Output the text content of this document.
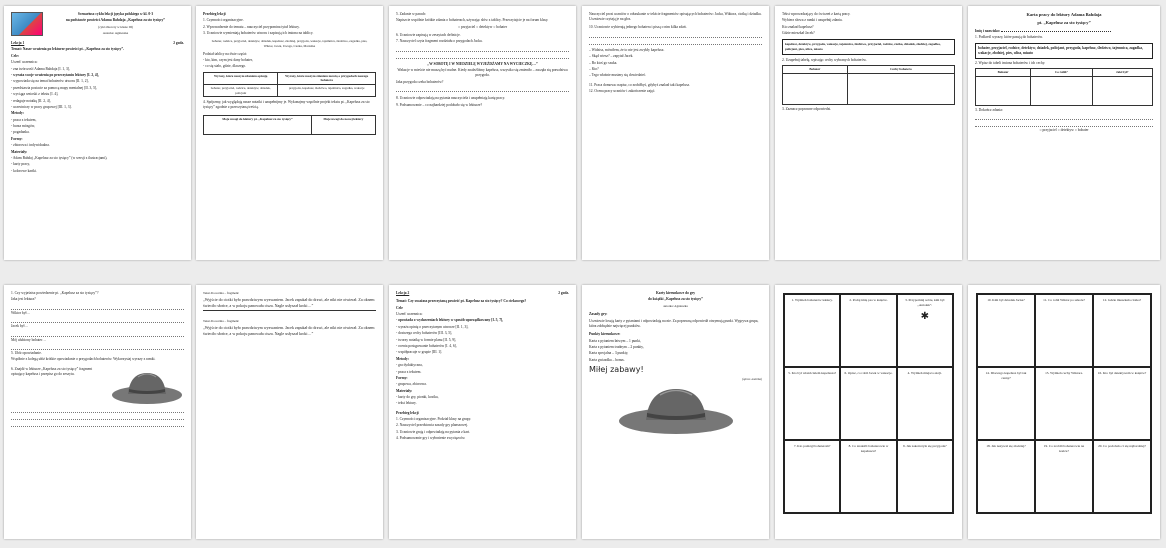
Scenariusz cyklu lekcji języka polskiego w kl. 0-3

na podstawie powieści Adama Bahdaja „Kapelusz za sto tysięcy”

(cykl zbiorczy w klasie III)

Autorka: Agnieszka

Lekcja 1	2 godz.

Temat: Nasze wrażenia po lekturze powieści pt. „Kapelusz za sto tysięcy”.

Cele:

Uczeń/ uczennica:

- zna twórczość Adama Bahdaja [I. 1, 3],

- wyraża swoje wrażenia po przeczytaniu lektury [I. 2, 4],

- wypowiada się na temat bohaterów utworu [II. 1, 2],

- przedstawia postacie za pomocą mapy mentalnej [II. 3, 5],

- wyciąga wnioski z tekstu [I. 4],

- redaguje notatkę [II. 2, 4],

- uczestniczy w pracy grupowej [III. 1, 3].

Metody:

- praca z tekstem,

- burza mózgów,

- pogadanka.

Formy:

- zbiorowa i indywidualna.

Materiały:

- Adam Bahdaj „Kapelusz za sto tysięcy” (w wersji z ilustracjami),

- karty pracy,

- kolorowe kartki.

Przebieg lekcji

1. Czynności organizacyjne.

2. Wprowadzenie do tematu – nauczyciel przypomina tytuł lektury.

3. Uczniowie wymieniają bohaterów utworu i zapisują ich imiona na tablicy.

bohater, rodzice, przyjaciel, detektyw, dziadek, kapelusz, złodziej, przygoda, wakacje, tajemnica, śledztwo, zagadka, pies, Wiktor, Jacek, Uwaga, Ciotka, Mariolka

Podział tablicy na dwie części:

- kto, kim, czym jest dany bohater,

- co się stało, gdzie, dlaczego.

Wyrazy, które naszym zdaniem opisują	Wyrazy, które naszym zdaniem mówią o przygodach naszego bohatera
bohater, przyjaciel, rodzice, detektyw, dziadek, policjant	przygoda, kapelusz, śledztwo, tajemnica, zagadka, wakacje

4. Spójrzmy, jak wyglądają nasze notatki i uzupełnijmy je. Wykonajmy wspólnie projekt tekstu pt. „Kapelusz za sto tysięcy” zgodnie z przeczytaną treścią.

Moje uwagi do lektury pt. „Kapelusz za sto tysięcy”	Moje uwagi do nowej lektury

5. Zadanie w parach:

Napiszcie wspólnie krótkie zdania o bohaterach, używając słów z tablicy. Przeczytajcie je na forum klasy.

○ przyjaciel ○ detektyw ○ bohater

6. Uczniowie zapisują w zeszytach definicje.

7. Nauczyciel czyta fragment rozdziału o przygodach Jacka.

„W SOBOTĘ I W NIEDZIELĘ WYJEŻDŻAMY NA WYCIECZKĘ…”

Wakacje w mieście nie muszą być nudne. Kiedy znaleźliśmy kapelusz, wszystko się zmieniło – zaczęła się prawdziwa przygoda.

Jaka przygoda czeka bohaterów?

8. Uczniowie odpowiadają na pytania nauczyciela i uzupełniają kartę pracy.

9. Podsumowanie – co najbardziej podobało się w lekturze?

Nauczyciel prosi uczniów o odszukanie w tekście fragmentów opisujących bohaterów: Jacka, Wiktora, ciotkę i dziadka. Uczniowie czytają je na głos.

10. Uczniowie wybierają jednego bohatera i piszą o nim kilka zdań.

– Widzisz, mówiłem, że to nie jest zwykły kapelusz.

– Skąd wiesz? – zapytał Jacek.

– Bo ktoś go szuka.

– Kto?

– Tego właśnie musimy się dowiedzieć.

11. Praca domowa: napisz, co zrobiłbyś, gdybyś znalazł taki kapelusz.

12. Ocena pracy uczniów i zakończenie zajęć.

Tekst wprowadzający do ćwiczeń z kartą pracy.

Wybierz słowa z ramki i uzupełnij zdania.

Kto znalazł kapelusz?

Gdzie mieszkał Jacek?

kapelusz, detektyw, przygoda, wakacje, tajemnica, śledztwo, przyjaciel, rodzice, ciotka, dziadek, złodziej, zagadka, policjant, pies, ulica, miasto

2. Uzupełnij tabelę, wpisując cechy wybranych bohaterów.

Bohater	Cechy bohatera

3. Zaznacz poprawne odpowiedzi.

Karta pracy do lektury Adama Bahdaja

pt. „Kapelusz za sto tysięcy”

Imię i nazwisko:

1. Podkreśl wyrazy, które pasują do bohaterów.

bohater, przyjaciel, rodzice, detektyw, dziadek, policjant, przygoda, kapelusz, śledztwo, tajemnica, zagadka, wakacje, złodziej, pies, ulica, miasto

2. Wpisz do tabeli imiona bohaterów i ich cechy.

Bohater	Co robił?	Jaki był?

3. Dokończ zdania:

○ przyjaciel ○ detektyw ○ bohater

1. Czy wyjaśnisz powiedzenie pt. „Kapelusz za sto tysięcy”?

Jaka jest lektura?

Wiktor był…

Jacek był…

Mój ulubiony bohater…

5. Ułóż opowiadanie.

Wspólnie z kolegą ułóż krótkie opowiadanie o przygodach bohaterów. Wykorzystaj wyrazy z ramki.

6. Znajdź w lekturze „Kapelusz za sto tysięcy” fragment opisujący kapelusz i przepisz go do zeszytu.

Tekst dla ucznia – fragment:

„Wyjście do ciotki było prawdziwym wyzwaniem. Jacek zapukał do drzwi, ale nikt nie otwierał. Za oknem świeciło słońce, a w pokoju panowała cisza. Nagle usłyszał kroki…”

Tekst dla ucznia – fragment:

„Wyjście do ciotki było prawdziwym wyzwaniem. Jacek zapukał do drzwi, ale nikt nie otwierał. Za oknem świeciło słońce, a w pokoju panowała cisza. Nagle usłyszał kroki…”

Lekcja 2	2 godz.

Temat: Czy uważasz przeczytaną powieść pt. Kapelusz za sto tysięcy? Co ciekawego?

Cele

Uczeń/ uczennica:

- opowiada o wydarzeniach lektury w sposób uporządkowany [I. 5, 7],

- wyraża opinię o przeczytanym utworze [II. 1, 3],

- dostrzega cechy bohaterów [III. 3, 5],

- tworzy notatkę w formie planu [II. 5, 9],

- ocenia postępowanie bohaterów [I. 4, 6],

- współpracuje w grupie [III. 1].

Metody:

- gra dydaktyczna,

- praca z tekstem.

Formy:

- grupowa, zbiorowa.

Materiały:

- karty do gry, pionki, kostka,

- tekst lektury.

Przebieg lekcji

1. Czynności organizacyjne. Podział klasy na grupy.

2. Nauczyciel przedstawia zasady gry planszowej.

3. Uczniowie grają i odpowiadają na pytania z kart.

4. Podsumowanie gry i wyłonienie zwycięzców.

Karty kierunkowe do gry

do książki „Kapelusz za sto tysięcy”

autorka: Agnieszka

Zasady gry:

Uczniowie losują karty z pytaniami i odpowiadają na nie. Za poprawną odpowiedź otrzymują punkt. Wygrywa grupa, która zdobędzie najwięcej punktów.

Punkty kierunkowe:

Karta z pytaniem łatwym – 1 punkt,

Karta z pytaniem trudnym – 2 punkty,

Karta specjalna – 3 punkty,

Karta gwiazdka – bonus.

Miłej zabawy!

(oprac. autorka)

1. Wymień bohaterów lektury.	2. Podaj imię psa w książce.	3. Przypomnij sobie, kim był „Aniołek”.
✱
5. Kto był właścicielem kapelusza?	6. Opisz, co robił Jacek w wakacje.	4. Wymień miejsca akcji.
7. Kto pomógł bohaterom?	8. Co znaleźli bohaterowie w kapeluszu?
9. Jak zakończyła się przygoda?
10. Kim był dziadek Jacka?	11. Co robił Wiktor po szkole?	12. Gdzie mieszkała ciotka?
14. Dlaczego kapelusz był tak cenny?
15. Wymień cechy Wiktora.	16. Kto był detektywem w książce?
18. Jak nazywał się złodziej?	19. Co zrobili bohaterowie na końcu?
20. Co podobało ci się najbardziej?
